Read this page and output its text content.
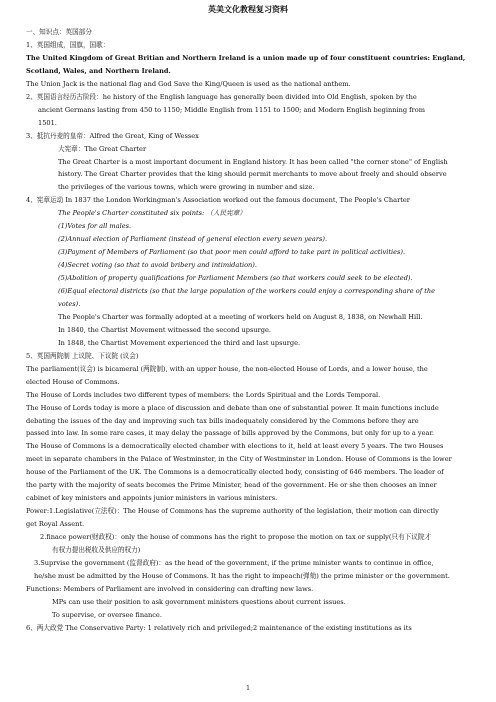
英美文化教程复习资料
一、知识点：英国部分
1、英国组成，国旗，国歌：
The United Kingdom of Great Britian and Northern Ireland is a union made up of four constituent countries: England,
Scotland, Wales, and Northern Ireland.
The Union Jack is the national flag and God Save the King/Queen is used as the national anthem.
2、英国语言经历古阶段：he history of the English language has generally been divided into Old English, spoken by the
ancient Germans lasting from 450 to 1150; Middle English from 1151 to 1500; and Modern English beginning from
1501.
3、抵抗丹麦的皇帝：Alfred the Great, King of Wessex
大宪章：The Great Charter
The Great Charter is a most important document in England history. It has been called "the corner stone" of English
history. The Great Charter provides that the king should permit merchants to move about freely and should observe
the privileges of the various towns, which were growing in number and size.
4、宪章运动 In 1837 the London Workingman's Association worked out the famous document, The People's Charter
The People's Charter constituted six points: （人民宪章）
(1)Votes for all males.
(2)Annual election of Parliament (instead of general election every seven years).
(3)Payment of Members of Parliament (so that poor men could afford to take part in political activities).
(4)Secret voting (so that to avoid bribery and intimidation).
(5)Abolition of property qualifications for Parliament Members (so that workers could seek to be elected).
(6)Equal electoral districts (so that the large population of the workers could enjoy a corresponding share of the
votes).
The People's Charter was formally adopted at a meeting of workers held on August 8, 1838, on Newhall Hill.
In 1840, the Chartist Movement witnessed the second upsurge.
In 1848, the Chartist Movement experienced the third and last upsurge.
5、英国两院制 上议院、下议院 (议会)
The parliament(议会) is bicameral (两院制), with an upper house, the non-elected House of Lords, and a lower house, the
elected House of Commons.
The House of Lords includes two different types of members: the Lords Spiritual and the Lords Temporal.
The House of Lords today is more a place of discussion and debate than one of substantial power. It main functions include
debating the issues of the day and improving such tax bills inadequately considered by the Commons before they are
passed into law. In some rare cases, it may delay the passage of bills approved by the Commons, but only for up to a year.
The House of Commons is a democratically elected chamber with elections to it, held at least every 5 years. The two Houses
meet in separate chambers in the Palace of Westminster, in the City of Westminster in London. House of Commons is the lower
house of the Parliament of the UK. The Commons is a democratically elected body, consisting of 646 members. The leader of
the party with the majority of seats becomes the Prime Minister, head of the government. He or she then chooses an inner
cabinet of key ministers and appoints junior ministers in various ministers.
Power:1.Legislative(立法权)：The House of Commons has the supreme authority of the legislation, their motion can directly
get Royal Assent.
2.finace power(财政权)：only the house of commons has the right to propose the motion on tax or supply(只有下议院才
有权力提出税收及供应的权力)
3.Suprvise the government (监督政府)：as the head of the government, if the prime minister wants to continue in office,
he/she must be admitted by the House of Commons. It has the right to impeach(弹劾) the prime minister or the government.
Functions: Members of Parliament are involved in considering can drafting new laws.
MPs can use their position to ask government ministers questions about current issues.
To supervise, or oversee finance.
6、两大政党 The Conservative Party: 1 relatively rich and privileged;2 maintenance of the existing institutions as its
1
